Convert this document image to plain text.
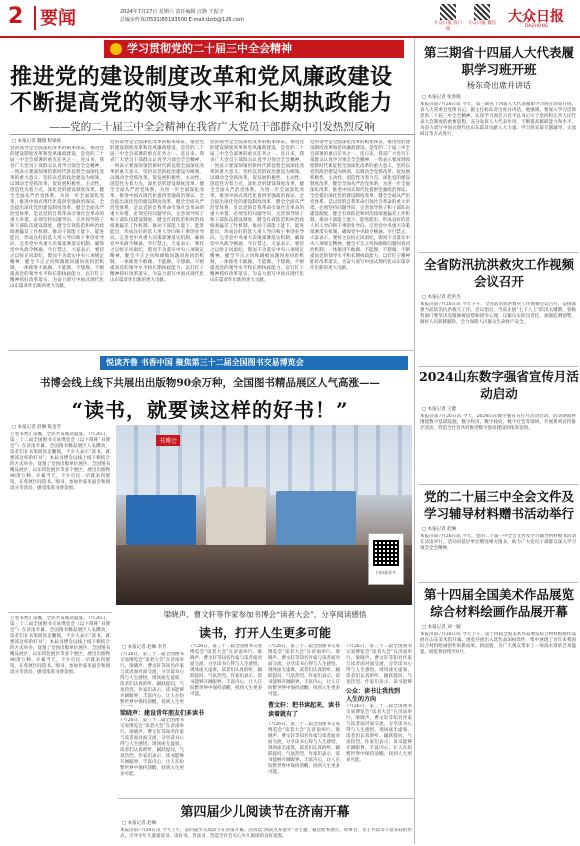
2 要闻	2024年7月27日 星期六 责任编辑 汪静 王振宇
总编室传真(0531)85193500 E-mail:dzrb@126.com
大众日报 客户端
大众日报 微信 大众日报
DAZHONG
学习贯彻党的二十届三中全会精神
推进党的建设制度改革和党风廉政建设
不断提高党的领导水平和长期执政能力
——党的二十届三中全会精神在我省广大党员干部群众中引发热烈反响
□ 本报记者 魏翔 程梁斌
党的领导是全面深化改革的根本保证。推进党的建设制度改革和党风廉政建设，是党的二十届三中全会部署的重点任务之一。连日来，我省广大党员干部群众认真学习领会全会精神，一致表示要深刻领悟新时代新征程全面深化改革的重大意义，坚持以党的政治建设为统领，以调动全党抓改革、促发展积极性、主动性、创造性为着力点，深化党的建设制度改革，健全全面从严治党体系，为进一步全面深化改革、推进中国式现代化提供坚强政治保证。全会提出深化党的建设制度改革，健全全面从严治党体系，是以党的自我革命引领社会革命的重大举措。必须坚持问题导向，完善领导班子和干部队伍建设制度，健全有效防范和纠治政绩观偏差工作机制，推动干部能上能下、能进能出，形成良好的选人用人导向和干事创业导向。完善党中央重大决策部署落实机制，确保党中央政令畅通、令行禁止。大家表示，要持之以恒正风肃纪，锲而不舍落实中央八项规定精神，健全不正之风和腐败问题同查同治机制，一体推进不敢腐、不能腐、不想腐，不断提高党的领导水平和长期执政能力，以钉钉子精神抓好改革落实，为奋力谱写中国式现代化山东篇章作出新的更大贡献。
党的领导是全面深化改革的根本保证。推进党的建设制度改革和党风廉政建设，是党的二十届三中全会部署的重点任务之一。连日来，我省广大党员干部群众认真学习领会全会精神，一致表示要深刻领悟新时代新征程全面深化改革的重大意义，坚持以党的政治建设为统领，以调动全党抓改革、促发展积极性、主动性、创造性为着力点，深化党的建设制度改革，健全全面从严治党体系，为进一步全面深化改革、推进中国式现代化提供坚强政治保证。全会提出深化党的建设制度改革，健全全面从严治党体系，是以党的自我革命引领社会革命的重大举措。必须坚持问题导向，完善领导班子和干部队伍建设制度，健全有效防范和纠治政绩观偏差工作机制，推动干部能上能下、能进能出，形成良好的选人用人导向和干事创业导向。完善党中央重大决策部署落实机制，确保党中央政令畅通、令行禁止。大家表示，要持之以恒正风肃纪，锲而不舍落实中央八项规定精神，健全不正之风和腐败问题同查同治机制，一体推进不敢腐、不能腐、不想腐，不断提高党的领导水平和长期执政能力，以钉钉子精神抓好改革落实，为奋力谱写中国式现代化山东篇章作出新的更大贡献。
党的领导是全面深化改革的根本保证。推进党的建设制度改革和党风廉政建设，是党的二十届三中全会部署的重点任务之一。连日来，我省广大党员干部群众认真学习领会全会精神，一致表示要深刻领悟新时代新征程全面深化改革的重大意义，坚持以党的政治建设为统领，以调动全党抓改革、促发展积极性、主动性、创造性为着力点，深化党的建设制度改革，健全全面从严治党体系，为进一步全面深化改革、推进中国式现代化提供坚强政治保证。全会提出深化党的建设制度改革，健全全面从严治党体系，是以党的自我革命引领社会革命的重大举措。必须坚持问题导向，完善领导班子和干部队伍建设制度，健全有效防范和纠治政绩观偏差工作机制，推动干部能上能下、能进能出，形成良好的选人用人导向和干事创业导向。完善党中央重大决策部署落实机制，确保党中央政令畅通、令行禁止。大家表示，要持之以恒正风肃纪，锲而不舍落实中央八项规定精神，健全不正之风和腐败问题同查同治机制，一体推进不敢腐、不能腐、不想腐，不断提高党的领导水平和长期执政能力，以钉钉子精神抓好改革落实，为奋力谱写中国式现代化山东篇章作出新的更大贡献。
党的领导是全面深化改革的根本保证。推进党的建设制度改革和党风廉政建设，是党的二十届三中全会部署的重点任务之一。连日来，我省广大党员干部群众认真学习领会全会精神，一致表示要深刻领悟新时代新征程全面深化改革的重大意义，坚持以党的政治建设为统领，以调动全党抓改革、促发展积极性、主动性、创造性为着力点，深化党的建设制度改革，健全全面从严治党体系，为进一步全面深化改革、推进中国式现代化提供坚强政治保证。全会提出深化党的建设制度改革，健全全面从严治党体系，是以党的自我革命引领社会革命的重大举措。必须坚持问题导向，完善领导班子和干部队伍建设制度，健全有效防范和纠治政绩观偏差工作机制，推动干部能上能下、能进能出，形成良好的选人用人导向和干事创业导向。完善党中央重大决策部署落实机制，确保党中央政令畅通、令行禁止。大家表示，要持之以恒正风肃纪，锲而不舍落实中央八项规定精神，健全不正之风和腐败问题同查同治机制，一体推进不敢腐、不能腐、不想腐，不断提高党的领导水平和长期执政能力，以钉钉子精神抓好改革落实，为奋力谱写中国式现代化山东篇章作出新的更大贡献。
悦读齐鲁 书香中国 聚焦第三十二届全国图书交易博览会
书博会线上线下共展出出版物90余万种，全国图书精品展区人气高涨——
“读书，就要读这样的好书！”
□ 本报记者 赵琳 陈金芳
万卷书香汇泉城，全民共赏阅读盛宴。7月26日，第三十二届全国图书交易博览会（以下简称“书博会”）在济南开幕。全国图书精品展区人头攒动，读者们在书架间驻足翻阅，不少人表示“读书，就要读这样的好书”。本届书博会以线上线下相结合的方式举办，设置了全国出版单位展区、全国图书精品展区、山东特色展区等多个展区，展出出版物90余万种。开幕当天，不少市民一早就来到展馆，在各展区间选书、购书，参加作家见面会和阅读分享活动，感受浓浓书香氛围。
书博会
扫码看更多
梁晓声、曹文轩等作家参加书博会“读者大会”，分享阅读感悟
读书，打开人生更多可能
万卷书香汇泉城，全民共赏阅读盛宴。7月26日，第三十二届全国图书交易博览会（以下简称“书博会”）在济南开幕。全国图书精品展区人头攒动，读者们在书架间驻足翻阅，不少人表示“读书，就要读这样的好书”。本届书博会以线上线下相结合的方式举办，设置了全国出版单位展区、全国图书精品展区、山东特色展区等多个展区，展出出版物90余万种。开幕当天，不少市民一早就来到展馆，在各展区间选书、购书，参加作家见面会和阅读分享活动，感受浓浓书香氛围。
□ 本报记者 赵琳 李芳
7月26日，第三十二届全国图书交易博览会“读者大会”在济南举行。梁晓声、曹文轩等知名作家与读者面对面交流，分享读书心得与人生感悟。现场座无虚席，读者们认真聆听、踊跃提问，气氛热烈。作家们表示，读书能够开阔眼界、丰富内心，让人在纷繁世界中保持清醒，找到人生更
梁晓声：建设青年朋友们多读书
7月26日，第三十二届全国图书交易博览会“读者大会”在济南举行。梁晓声、曹文轩等知名作家与读者面对面交流，分享读书心得与人生感悟。现场座无虚席，读者们认真聆听、踊跃提问，气氛热烈。作家们表示，读书能够开阔眼界、丰富内心，让人在纷繁世界中保持清醒，找到人生更多可能。
7月26日，第三十二届全国图书交易博览会“读者大会”在济南举行。梁晓声、曹文轩等知名作家与读者面对面交流，分享读书心得与人生感悟。现场座无虚席，读者们认真聆听、踊跃提问，气氛热烈。作家们表示，读书能够开阔眼界、丰富内心，让人在纷繁世界中保持清醒，找到人生更多可能。
7月26日，第三十二届全国图书交易博览会“读者大会”在济南举行。梁晓声、曹文轩等知名作家与读者面对面交流，分享读书心得与人生感悟。现场座无虚席，读者们认真聆听、踊跃提问，气氛热烈。作家们表示，读书能够开阔眼界、丰富内心，让人在纷繁世界中保持清醒，找到人生更多可能。
曹文轩：把书读起来，读书读着就有了
7月26日，第三十二届全国图书交易博览会“读者大会”在济南举行。梁晓声、曹文轩等知名作家与读者面对面交流，分享读书心得与人生感悟。现场座无虚席，读者们认真聆听、踊跃提问，气氛热烈。作家们表示，读书能够开阔眼界、丰富内心，让人在纷繁世界中保持清醒，找到人生更多可能。
7月26日，第三十二届全国图书交易博览会“读者大会”在济南举行。梁晓声、曹文轩等知名作家与读者面对面交流，分享读书心得与人生感悟。现场座无虚席，读者们认真聆听、踊跃提问，气氛热烈。作家们表示，读书能够
公众：读书让我找到
人生的方向
7月26日，第三十二届全国图书交易博览会“读者大会”在济南举行。梁晓声、曹文轩等知名作家与读者面对面交流，分享读书心得与人生感悟。现场座无虚席，读者们认真聆听、踊跃提问，气氛热烈。作家们表示，读书能够开阔眼界、丰富内心，让人在纷繁世界中保持清醒，找到人生更多可能。
第四届少儿阅读节在济南开幕
□ 本报记者 赵琳
本报济南7月26日讯 今天上午，第四届少儿阅读节在济南开幕。活动以“阅读点亮童年”为主题，通过绘本展示、故事会、亲子共读等丰富多彩的形式，引导少年儿童爱读书、读好书、善读书，营造全社会关心少儿阅读的良好氛围。
第三期省十四届人大代表履职学习班开班
杨东奇出席并讲话
□ 本报记者 张春晓
本报济南7月26日讯 今天，第三期省十四届人大代表履职学习班在济南开班。省人大常委会党组书记、副主任杨东奇出席并讲话。他强调，要深入学习贯彻党的二十届三中全会精神，认真学习领会习近平总书记关于坚持和完善人民代表大会制度的重要思想，充分发挥人大代表作用，不断提高履职能力和水平，为奋力谱写中国式现代化山东篇章贡献人大力量。学习班采取专题辅导、交流研讨等方式进行。
全省防汛抗洪救灾工作视频会议召开
□ 本报记者 赵洪杰
本报济南7月26日讯 今天下午，全省防汛抗洪救灾工作视频会议召开，安排部署当前防汛抗洪救灾工作。会议指出，当前正值“七下八上”防汛关键期，各级各部门要坚决克服麻痹思想和侥幸心理，压紧压实防汛责任，加强监测预警，做好人员转移避险，全力保障人民群众生命财产安全。
2024山东数字强省宣传月活动启动
□ 本报记者 王健
本报济南7月26日讯 今天，2024山东数字强省宣传月活动启动。活动期间将围绕数字基础设施、数字经济、数字政府、数字社会等领域，开展系列宣传推介活动，营造全社会共同推进数字强省建设的浓厚氛围。
党的二十届三中全会文件及学习辅导材料赠书活动举行
□ 本报记者 赵琳
本报济南7月26日讯 今天，党的二十届三中全会文件及学习辅导材料赠书活动在济南举行。活动向基层单位赠送相关图书，助力广大党员干部群众深入学习领会全会精神。
第十四届全国美术作品展览综合材料绘画作品展开幕
□ 本报记者 刘一颖
本报济南7月26日讯 今天上午，第十四届全国美术作品展览综合材料绘画作品展在山东美术馆开幕。展览共展出入选作品300余件，集中展现了近年来我国综合材料绘画创作的新成果、新面貌，为广大观众带来了一场高水准的艺术盛宴。展览将持续至9月。
